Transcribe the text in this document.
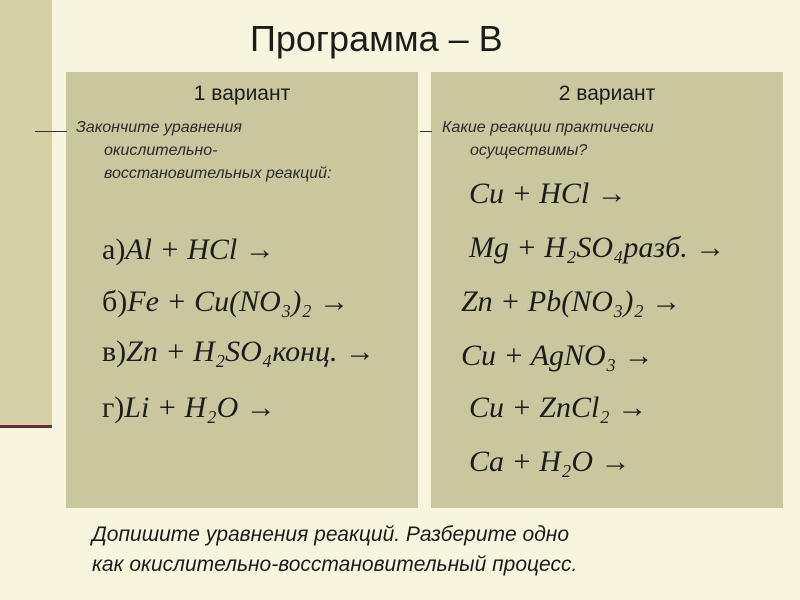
Программа – В
1 вариант
Закончите уравнения
окислительно-
восстановительных реакций:
а)Al + HCl →
б)Fe + Cu(NO₃)₂ →
в)Zn + H₂SO₄конц. →
г)Li + H₂O →
2 вариант
Какие реакции практически
осуществимы?
Cu + HCl →
Mg + H₂SO₄разб. →
Zn + Pb(NO₃)₂ →
Cu + AgNO₃ →
Cu + ZnCl₂ →
Ca + H₂O →
Допишите уравнения реакций. Разберите одно
как окислительно-восстановительный процесс.
